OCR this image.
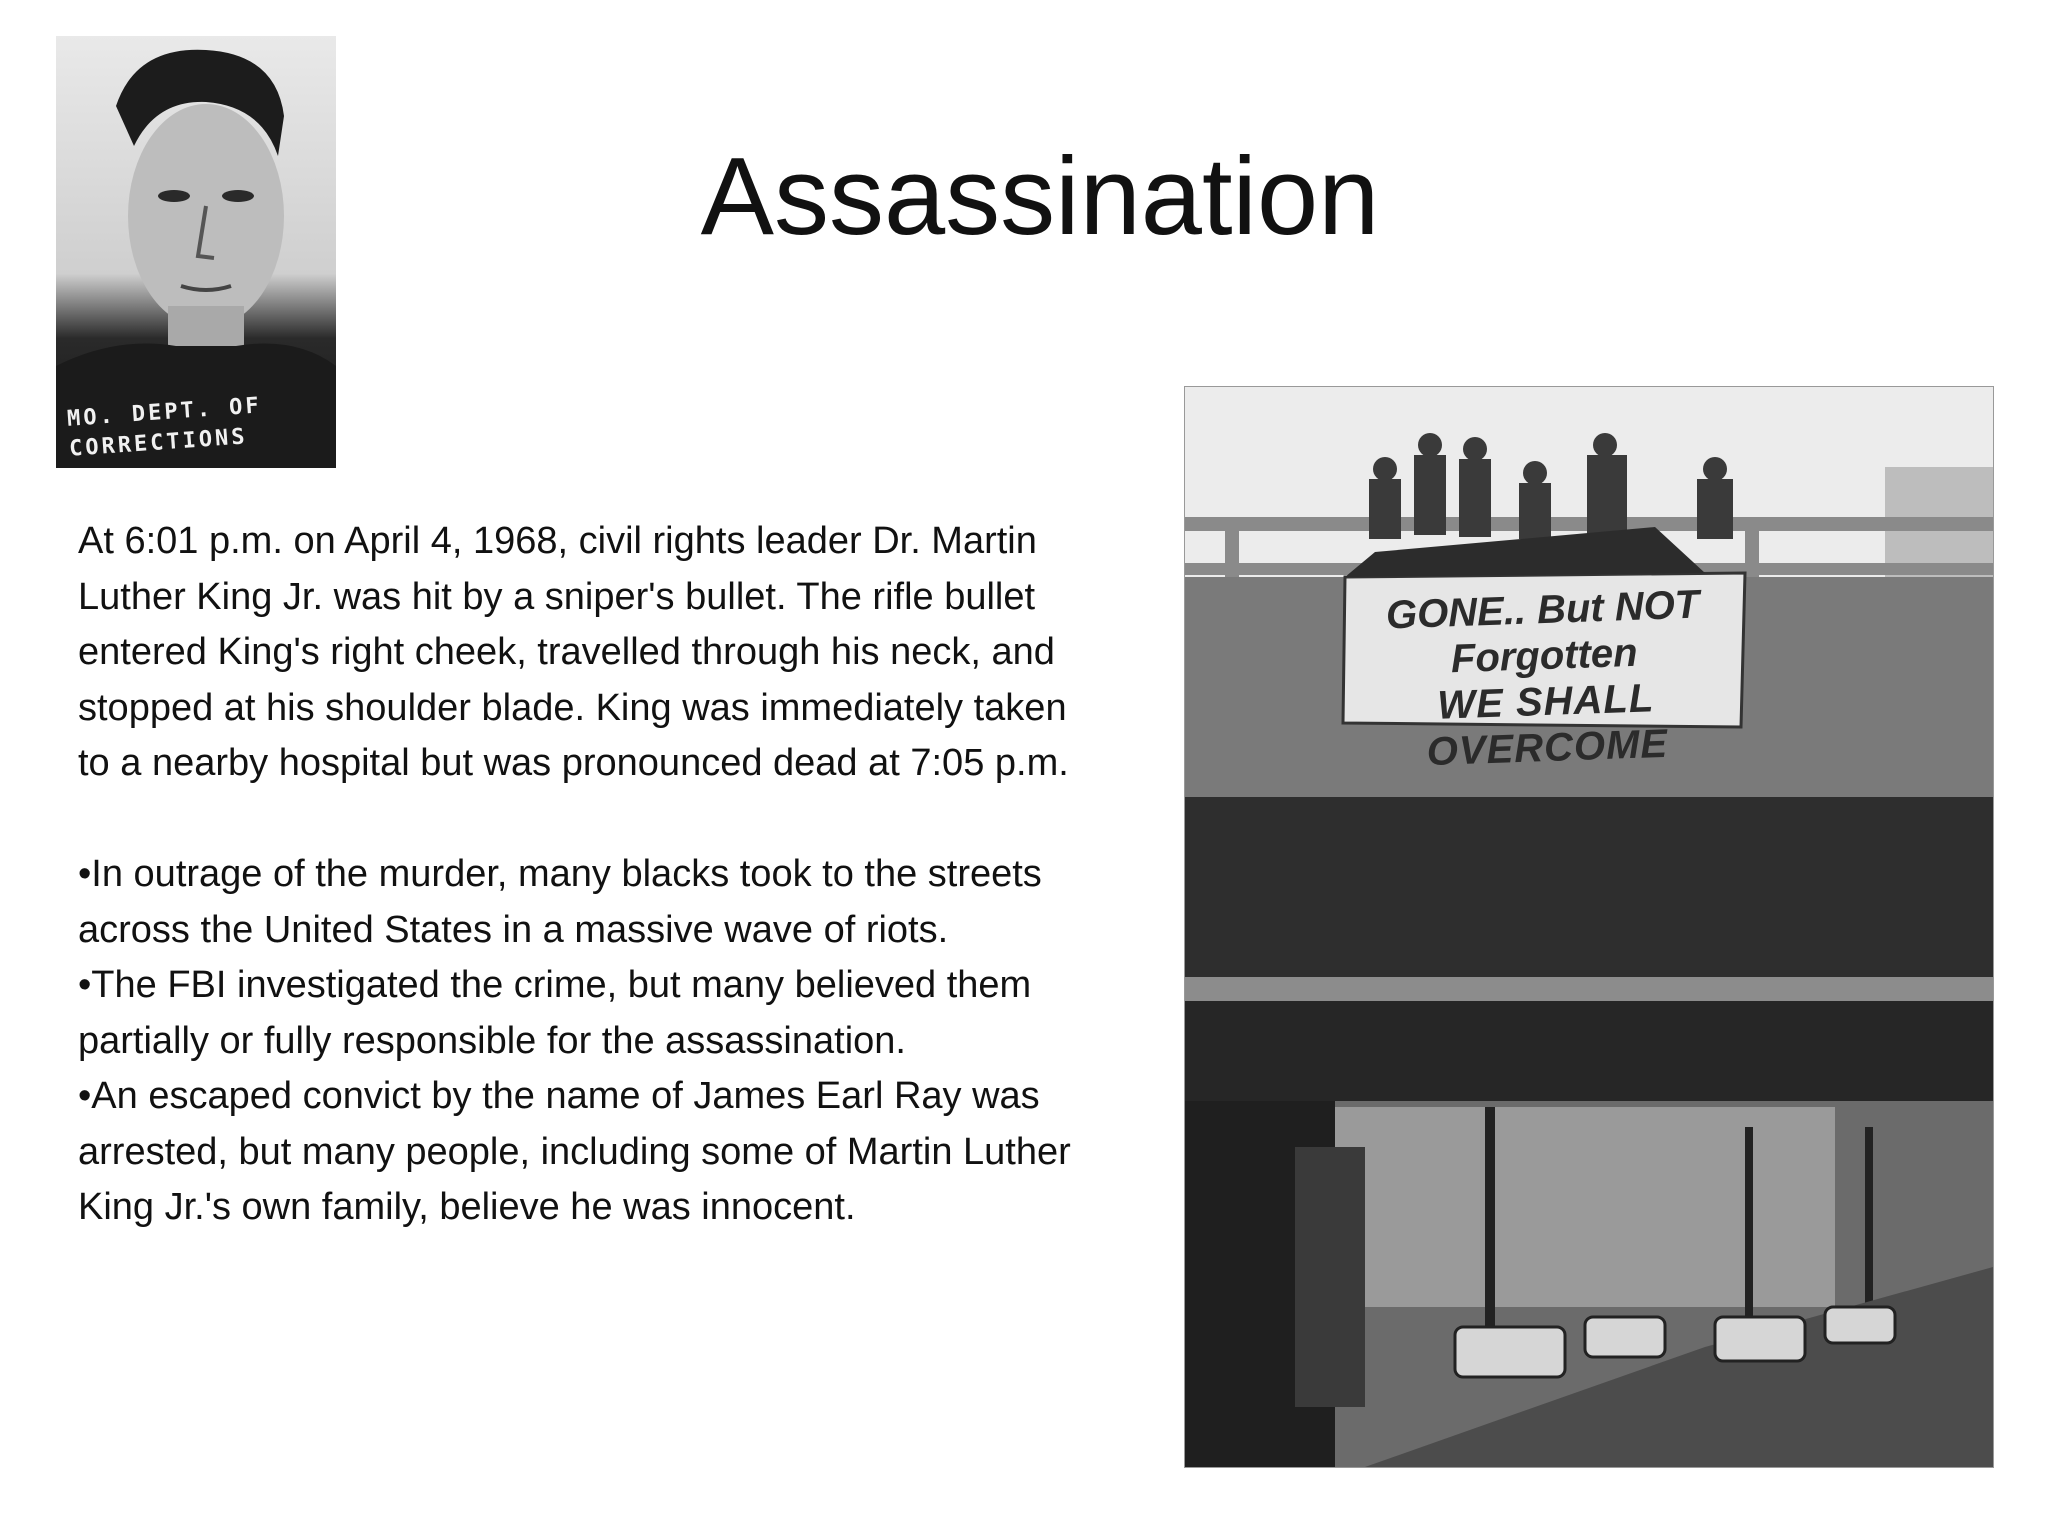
MO. DEPT. OF
CORRECTIONS
Assassination

At 6:01 p.m. on April 4, 1968, civil rights leader Dr. Martin Luther King Jr. was hit by a sniper's bullet. The rifle bullet entered King's right cheek, travelled through his neck, and stopped at his shoulder blade. King was immediately taken to a nearby hospital but was pronounced dead at 7:05 p.m.

•In outrage of the murder, many blacks took to the streets across the United States in a massive wave of riots.

•The FBI investigated the crime, but many believed them partially or fully responsible for the assassination.

•An escaped convict by the name of James Earl Ray was arrested, but many people, including some of Martin Luther King Jr.'s own family, believe he was innocent.

GONE.. But NOT Forgotten
WE SHALL OVERCOME
